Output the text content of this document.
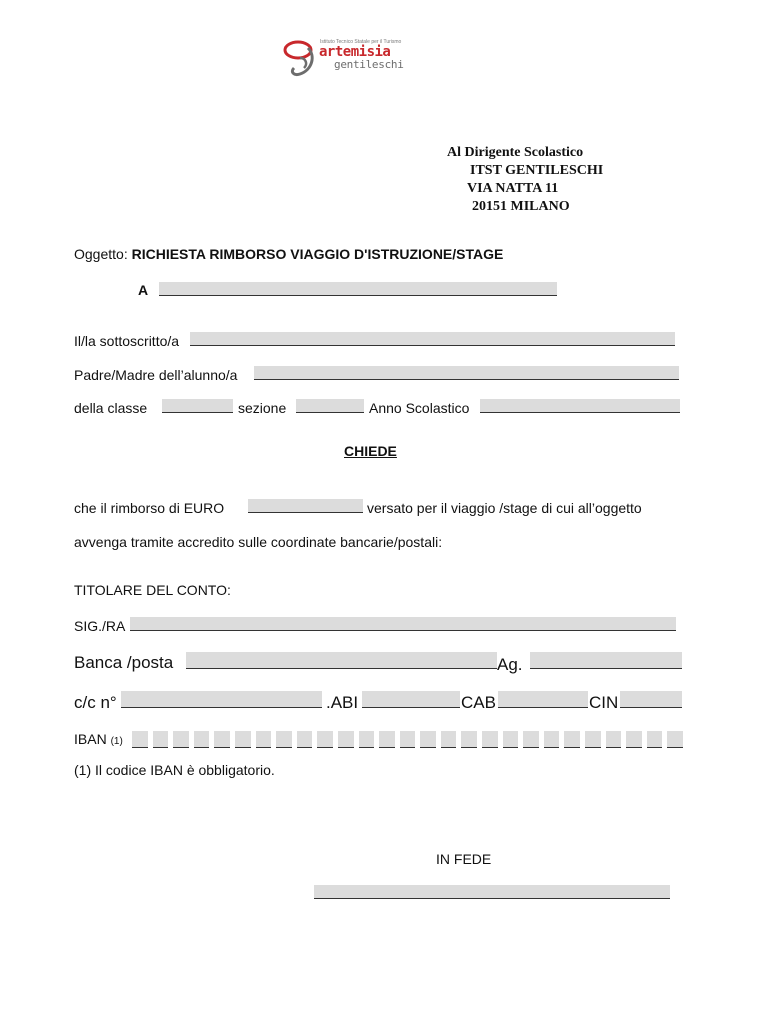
Istituto Tecnico Statale per il Turismo
artemisia
gentileschi
Al Dirigente Scolastico
ITST GENTILESCHI
VIA NATTA 11
20151 MILANO
Oggetto: RICHIESTA RIMBORSO VIAGGIO D'ISTRUZIONE/STAGE
A
Il/la sottoscritto/a
Padre/Madre dell’alunno/a
della classe	sezione	Anno Scolastico
CHIEDE
che il rimborso di EURO	versato per il viaggio /stage di cui all’oggetto
avvenga tramite accredito sulle coordinate bancarie/postali:
TITOLARE DEL CONTO:
SIG./RA
Banca /posta	Ag.
c/c n°	.ABI	CAB	CIN
IBAN (1)
(1) Il codice IBAN è obbligatorio.
IN FEDE
